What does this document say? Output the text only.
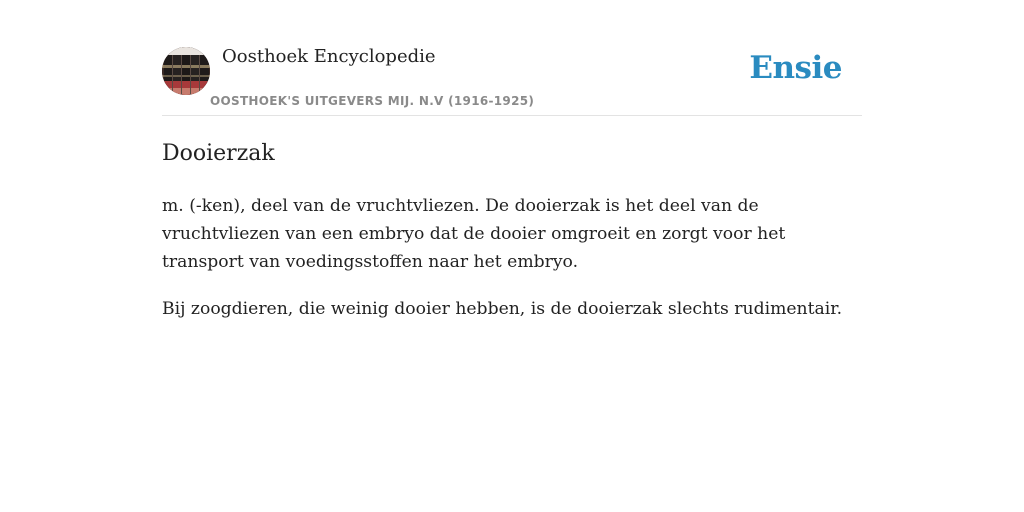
Oosthoek Encyclopedie
OOSTHOEK'S UITGEVERS MIJ. N.V (1916-1925)
Ensie
Dooierzak

m. (-ken), deel van de vruchtvliezen. De dooierzak is het deel van de vruchtvliezen van een embryo dat de dooier omgroeit en zorgt voor het transport van voedingsstoffen naar het embryo.

Bij zoogdieren, die weinig dooier hebben, is de dooierzak slechts rudimentair.
